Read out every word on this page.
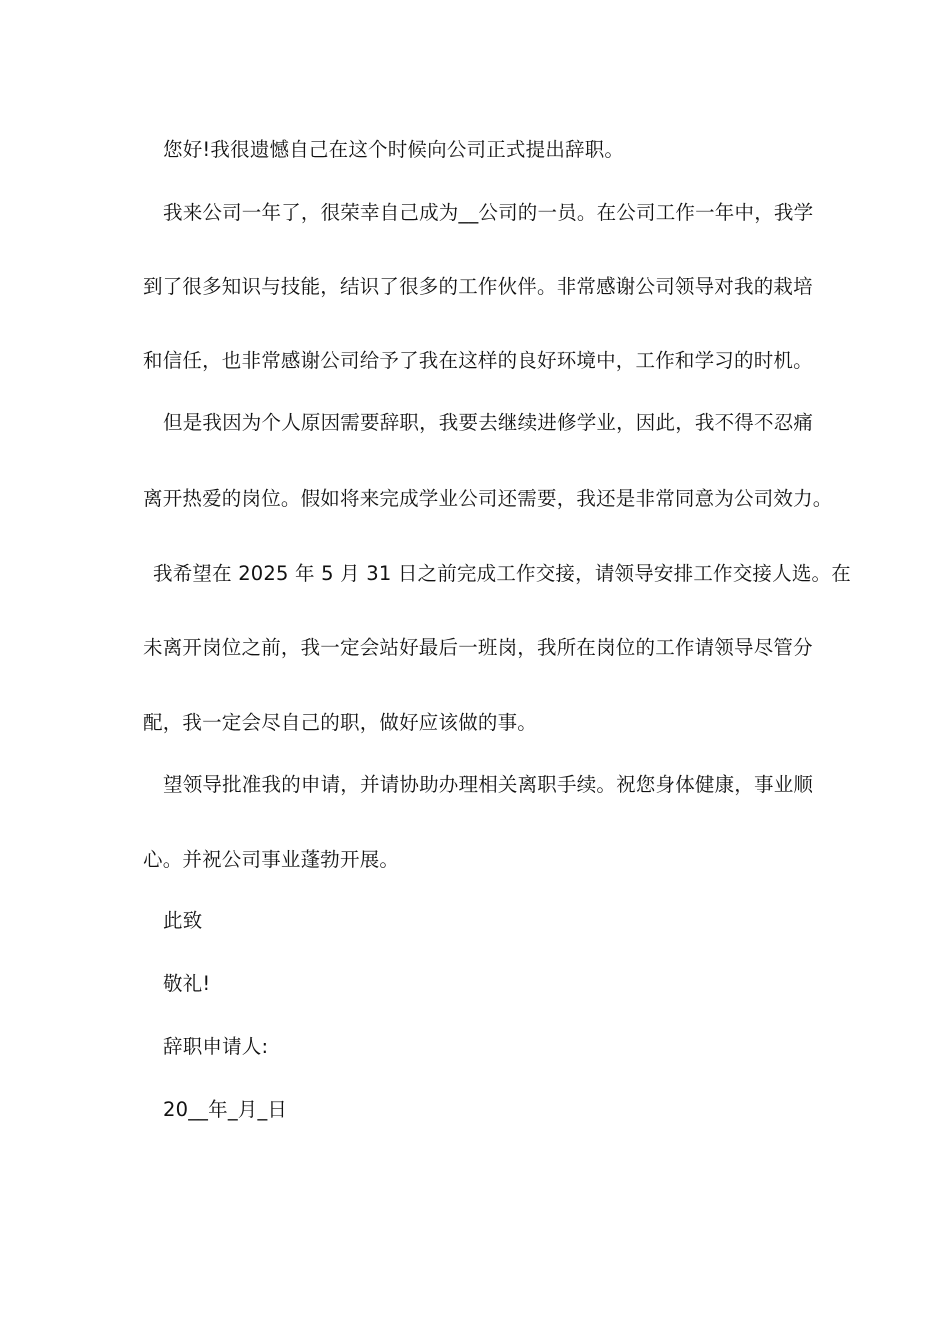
您好!我很遗憾自己在这个时候向公司正式提出辞职。
我来公司一年了，很荣幸自己成为__公司的一员。在公司工作一年中，我学
到了很多知识与技能，结识了很多的工作伙伴。非常感谢公司领导对我的栽培
和信任，也非常感谢公司给予了我在这样的良好环境中，工作和学习的时机。
但是我因为个人原因需要辞职，我要去继续进修学业，因此，我不得不忍痛
离开热爱的岗位。假如将来完成学业公司还需要，我还是非常同意为公司效力。
我希望在 2025 年 5 月 31 日之前完成工作交接，请领导安排工作交接人选。在
未离开岗位之前，我一定会站好最后一班岗，我所在岗位的工作请领导尽管分
配，我一定会尽自己的职，做好应该做的事。
望领导批准我的申请，并请协助办理相关离职手续。祝您身体健康，事业顺
心。并祝公司事业蓬勃开展。
此致
敬礼!
辞职申请人:
20__年_月_日
